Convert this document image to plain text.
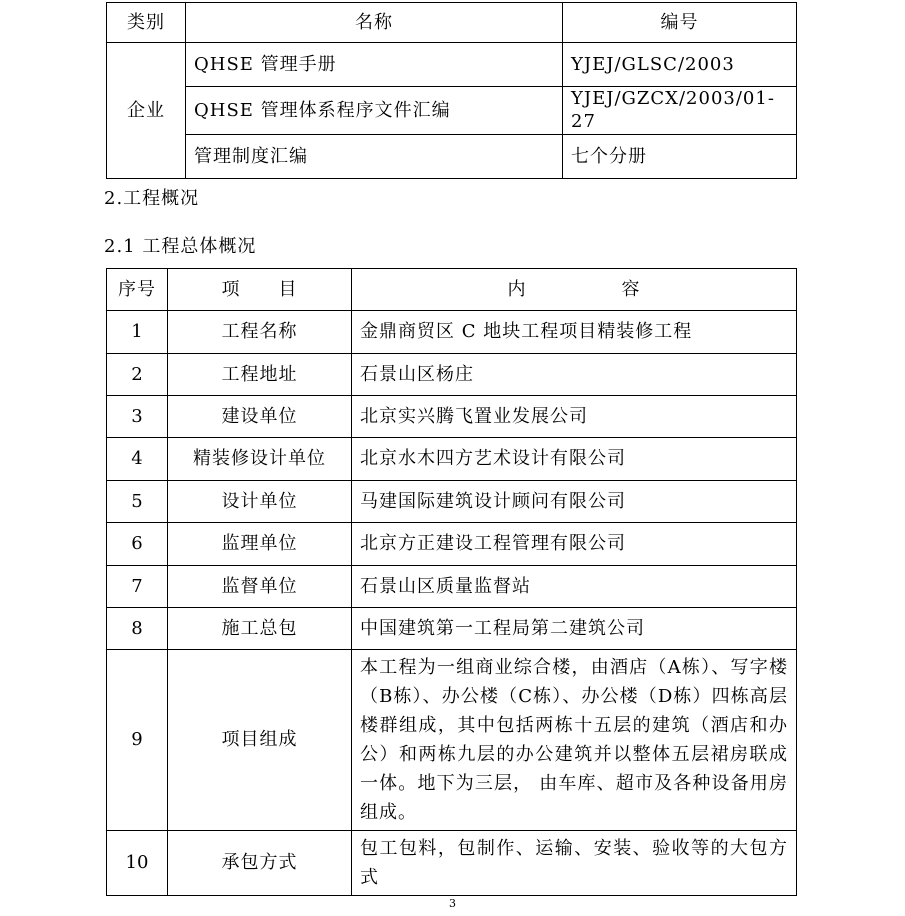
类别	名称	编号
企业	QHSE 管理手册	YJEJ/GLSC/2003
	QHSE 管理体系程序文件汇编	YJEJ/GZCX/2003/01-27
	管理制度汇编	七个分册
2.工程概况
2.1 工程总体概况
序号	项　　目	内　　　　　容
1	工程名称	金鼎商贸区 C 地块工程项目精装修工程
2	工程地址	石景山区杨庄
3	建设单位	北京实兴腾飞置业发展公司
4	精装修设计单位	北京水木四方艺术设计有限公司
5	设计单位	马建国际建筑设计顾问有限公司
6	监理单位	北京方正建设工程管理有限公司
7	监督单位	石景山区质量监督站
8	施工总包	中国建筑第一工程局第二建筑公司
9	项目组成	本工程为一组商业综合楼，由酒店（A栋）、写字楼（B栋）、办公楼（C栋）、办公楼（D栋）四栋高层楼群组成，其中包括两栋十五层的建筑（酒店和办公）和两栋九层的办公建筑并以整体五层裙房联成一体。地下为三层， 由车库、超市及各种设备用房组成。
10	承包方式	包工包料，包制作、运输、安装、验收等的大包方式
3
